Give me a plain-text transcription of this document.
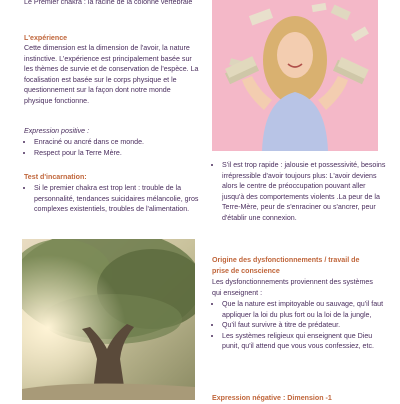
Le Premier chakra : la racine de la colonne vertébrale

L'expérience

Cette dimension est la dimension de l'avoir, la nature instinctive. L'expérience est principalement basée sur les thèmes de survie et de conservation de l'espèce. La focalisation est basée sur le corps physique et le questionnement sur la façon dont notre monde physique fonctionne.

Expression positive :

• Enraciné ou ancré dans ce monde.
• Respect pour la Terre Mère.

Test d'incarnation:

• Si le premier chakra est trop lent : trouble de la personnalité, tendances suicidaires mélancolie, gros complexes existentiels, troubles de l'alimentation.
• S'il est trop rapide : jalousie et possessivité, besoins irrépressible d'avoir toujours plus: L'avoir deviens alors le centre de préoccupation pouvant aller jusqu'à des comportements violents .La peur de la Terre-Mère, peur de s'enraciner ou s'ancrer, peur d'établir une connexion.

Origine des dysfonctionnements / travail de prise de conscience

Les dysfonctionnements proviennent des systèmes qui enseignent :

• Que la nature est impitoyable ou sauvage, qu'il faut appliquer la loi du plus fort ou la loi de la jungle,
• Qu'il faut survivre à titre de prédateur.
• Les systèmes religieux qui enseignent que Dieu punit, qu'il attend que vous vous confessiez, etc.

Expression négative : Dimension -1
